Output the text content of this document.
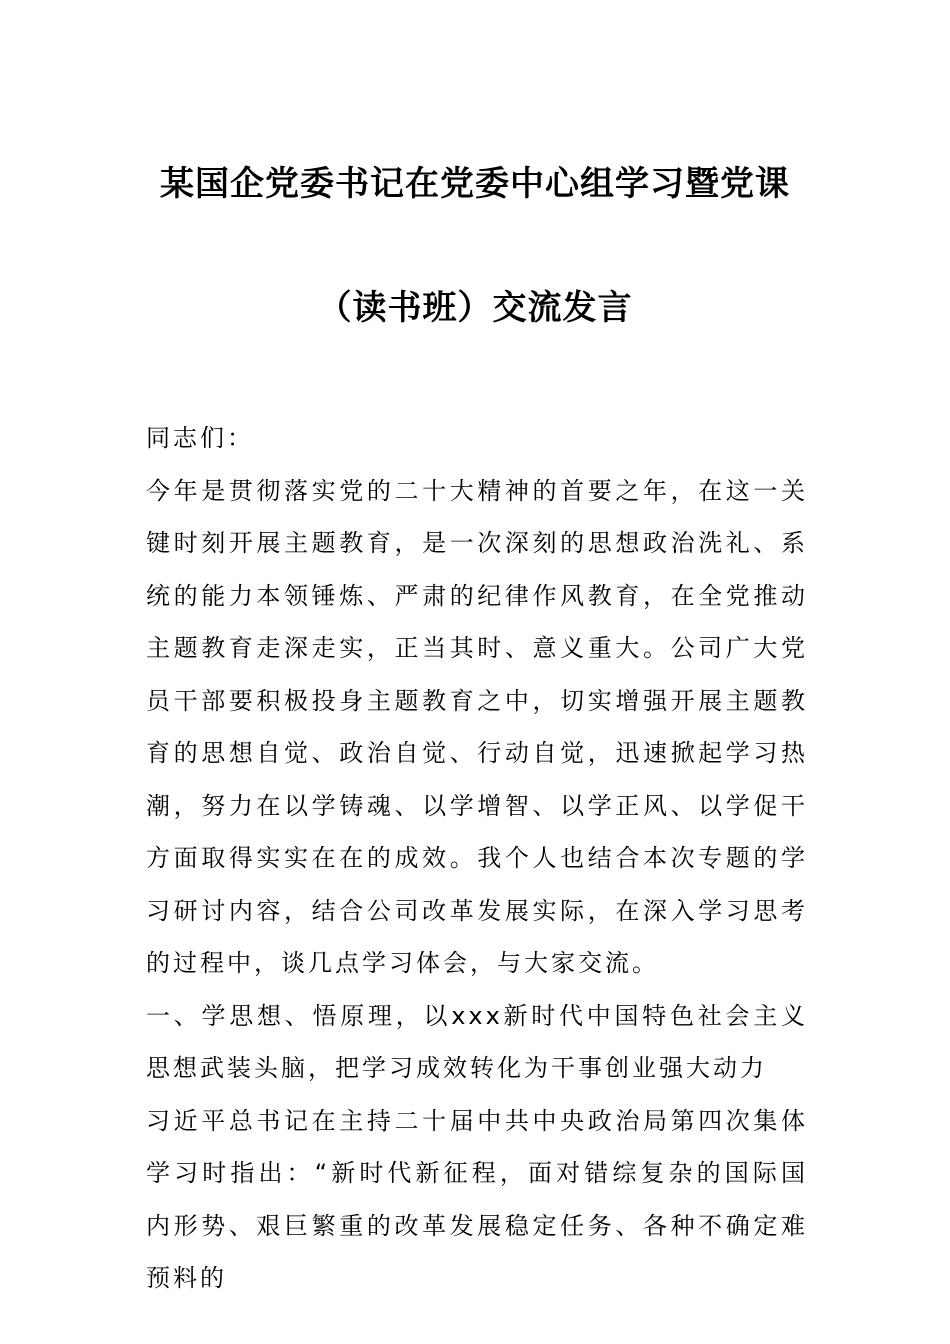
某国企党委书记在党委中心组学习暨党课
（读书班）交流发言

同志们：

今年是贯彻落实党的二十大精神的首要之年，在这一关键时刻开展主题教育，是一次深刻的思想政治洗礼、系统的能力本领锤炼、严肃的纪律作风教育，在全党推动主题教育走深走实，正当其时、意义重大。公司广大党员干部要积极投身主题教育之中，切实增强开展主题教育的思想自觉、政治自觉、行动自觉，迅速掀起学习热潮，努力在以学铸魂、以学增智、以学正风、以学促干方面取得实实在在的成效。我个人也结合本次专题的学习研讨内容，结合公司改革发展实际，在深入学习思考的过程中，谈几点学习体会，与大家交流。

一、学思想、悟原理，以xxx新时代中国特色社会主义思想武装头脑，把学习成效转化为干事创业强大动力

习近平总书记在主持二十届中共中央政治局第四次集体学习时指出：“新时代新征程，面对错综复杂的国际国内形势、艰巨繁重的改革发展稳定任务、各种不确定难预料的
